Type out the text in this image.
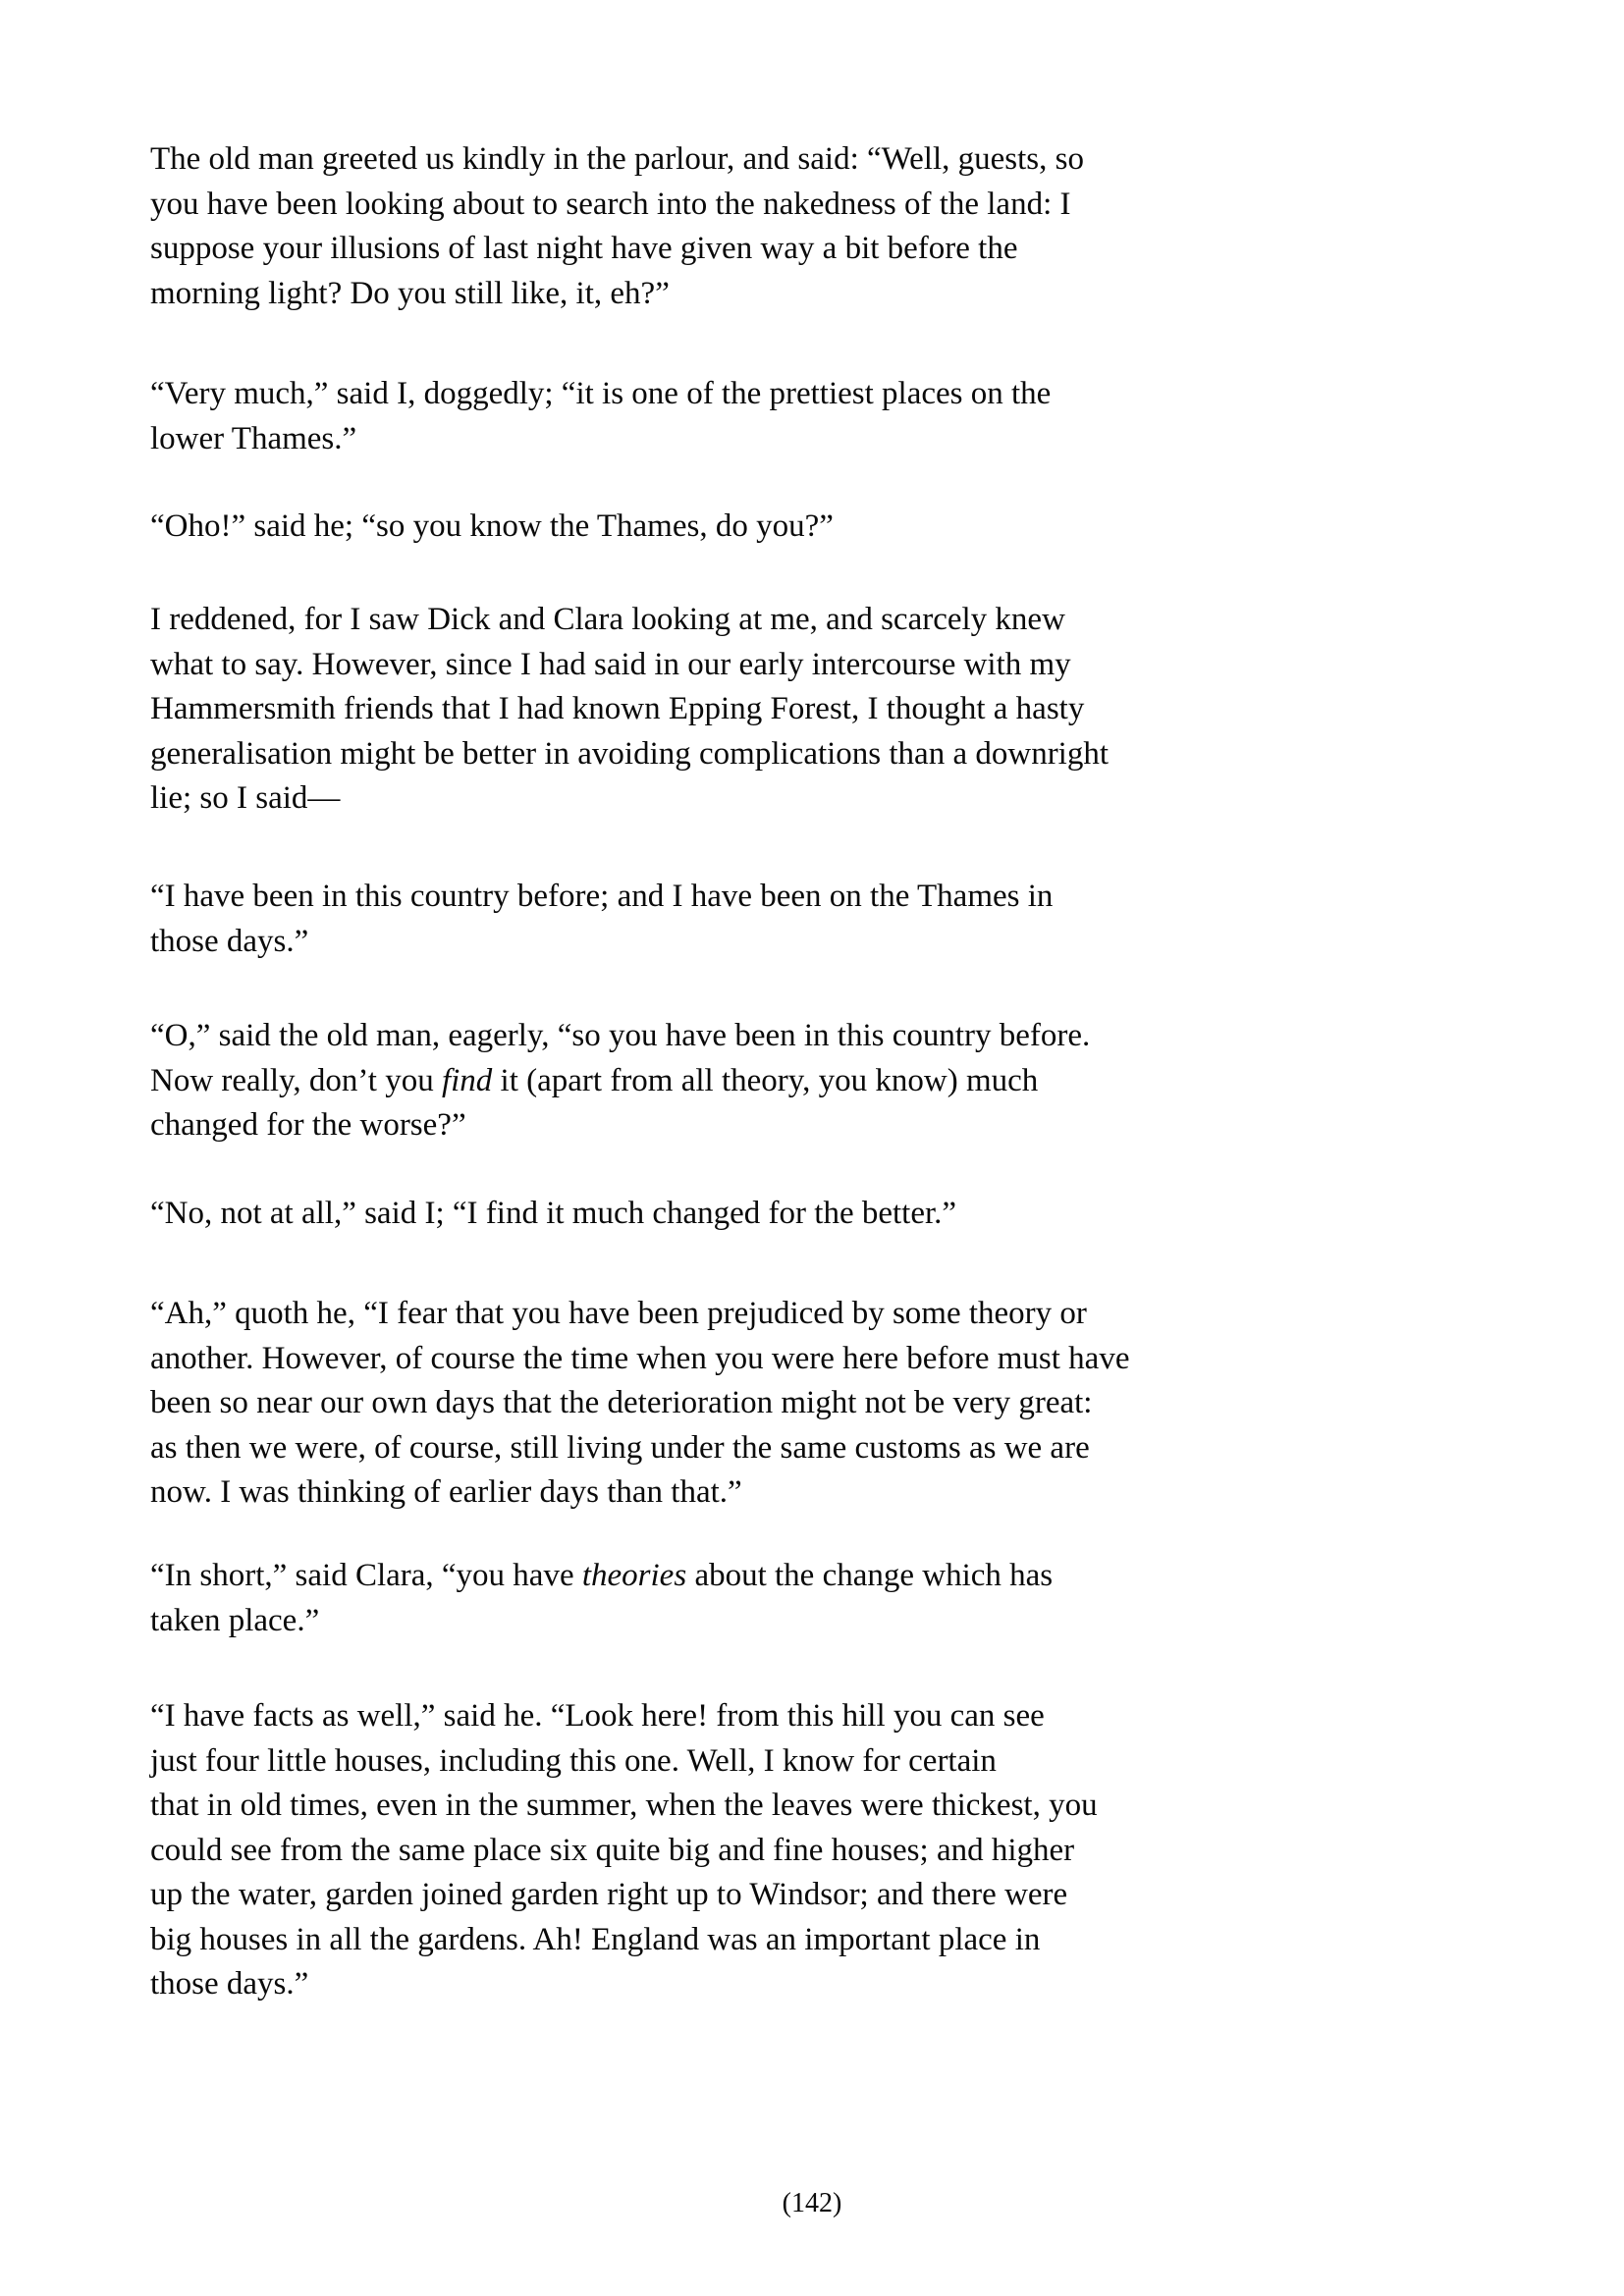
The old man greeted us kindly in the parlour, and said: “Well, guests, so
you have been looking about to search into the nakedness of the land: I
suppose your illusions of last night have given way a bit before the
morning light? Do you still like, it, eh?”

“Very much,” said I, doggedly; “it is one of the prettiest places on the
lower Thames.”

“Oho!” said he; “so you know the Thames, do you?”

I reddened, for I saw Dick and Clara looking at me, and scarcely knew
what to say. However, since I had said in our early intercourse with my
Hammersmith friends that I had known Epping Forest, I thought a hasty
generalisation might be better in avoiding complications than a downright
lie; so I said—

“I have been in this country before; and I have been on the Thames in
those days.”

“O,” said the old man, eagerly, “so you have been in this country before.
Now really, don’t you find it (apart from all theory, you know) much
changed for the worse?”

“No, not at all,” said I; “I find it much changed for the better.”

“Ah,” quoth he, “I fear that you have been prejudiced by some theory or
another. However, of course the time when you were here before must have
been so near our own days that the deterioration might not be very great:
as then we were, of course, still living under the same customs as we are
now. I was thinking of earlier days than that.”

“In short,” said Clara, “you have theories about the change which has
taken place.”

“I have facts as well,” said he. “Look here! from this hill you can see
just four little houses, including this one. Well, I know for certain
that in old times, even in the summer, when the leaves were thickest, you
could see from the same place six quite big and fine houses; and higher
up the water, garden joined garden right up to Windsor; and there were
big houses in all the gardens. Ah! England was an important place in
those days.”

(142)
